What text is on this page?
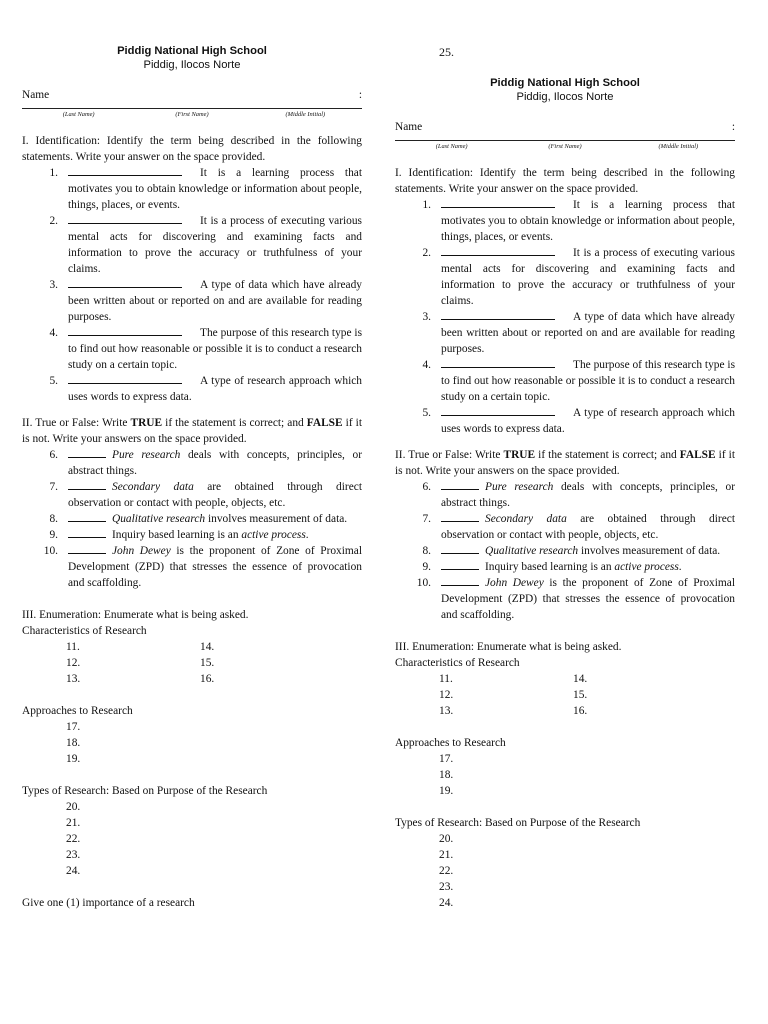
Piddig National High School
Piddig, Ilocos Norte
Name	:
(Last Name)	(First Name)	(Middle Initial)
I. Identification: Identify the term being described in the following statements. Write your answer on the space provided.
1.	It is a learning process that motivates you to obtain knowledge or information about people, things, places, or events.
2.	It is a process of executing various mental acts for discovering and examining facts and information to prove the accuracy or truthfulness of your claims.
3.	A type of data which have already been written about or reported on and are available for reading purposes.
4.	The purpose of this research type is to find out how reasonable or possible it is to conduct a research study on a certain topic.
5.	A type of research approach which uses words to express data.
II. True or False: Write TRUE if the statement is correct; and FALSE if it is not. Write your answers on the space provided.
6.	Pure research deals with concepts, principles, or abstract things.
7.	Secondary data are obtained through direct observation or contact with people, objects, etc.
8.	Qualitative research involves measurement of data.
9.	Inquiry based learning is an active process.
10.	John Dewey is the proponent of Zone of Proximal Development (ZPD) that stresses the essence of provocation and scaffolding.
III. Enumeration: Enumerate what is being asked.
Characteristics of Research
11.	14.
12.	15.
13.	16.
Approaches to Research
17.
18.
19.
Types of Research: Based on Purpose of the Research
20.
21.
22.
23.
24.
Give one (1) importance of a research
25.
Piddig National High School
Piddig, Ilocos Norte
Name	:
(Last Name)	(First Name)	(Middle Initial)
I. Identification: Identify the term being described in the following statements. Write your answer on the space provided.
1.	It is a learning process that motivates you to obtain knowledge or information about people, things, places, or events.
2.	It is a process of executing various mental acts for discovering and examining facts and information to prove the accuracy or truthfulness of your claims.
3.	A type of data which have already been written about or reported on and are available for reading purposes.
4.	The purpose of this research type is to find out how reasonable or possible it is to conduct a research study on a certain topic.
5.	A type of research approach which uses words to express data.
II. True or False: Write TRUE if the statement is correct; and FALSE if it is not. Write your answers on the space provided.
6.	Pure research deals with concepts, principles, or abstract things.
7.	Secondary data are obtained through direct observation or contact with people, objects, etc.
8.	Qualitative research involves measurement of data.
9.	Inquiry based learning is an active process.
10.	John Dewey is the proponent of Zone of Proximal Development (ZPD) that stresses the essence of provocation and scaffolding.
III. Enumeration: Enumerate what is being asked.
Characteristics of Research
11.	14.
12.	15.
13.	16.
Approaches to Research
17.
18.
19.
Types of Research: Based on Purpose of the Research
20.
21.
22.
23.
24.
